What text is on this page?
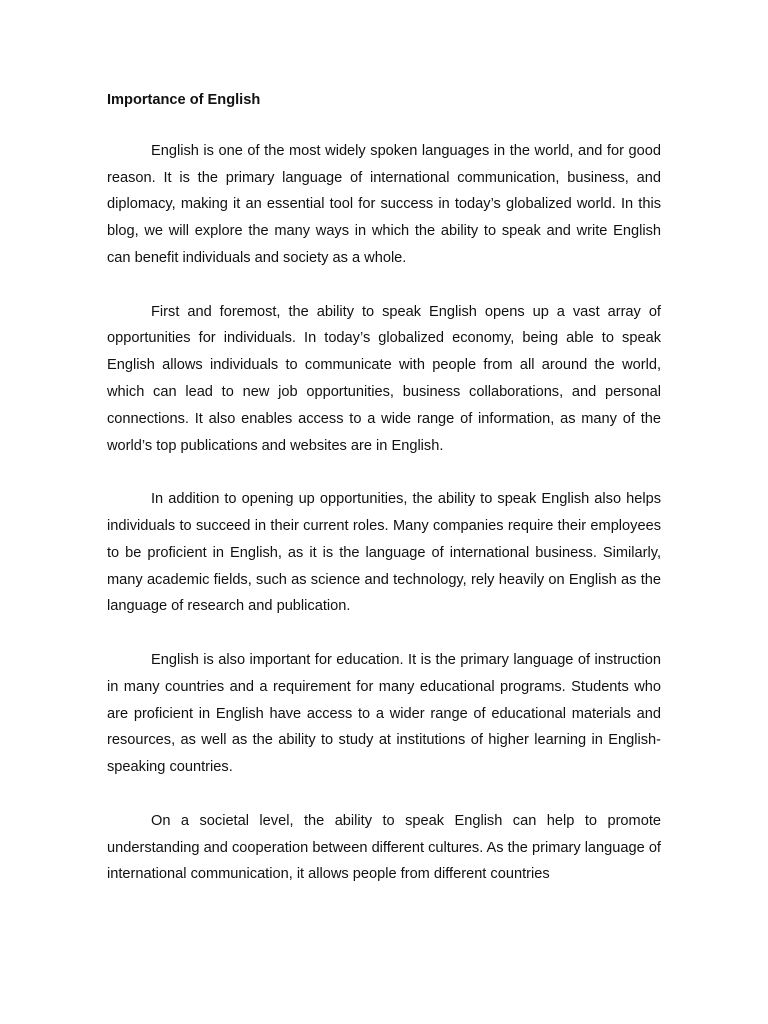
Importance of English

English is one of the most widely spoken languages in the world, and for good reason. It is the primary language of international communication, business, and diplomacy, making it an essential tool for success in today’s globalized world. In this blog, we will explore the many ways in which the ability to speak and write English can benefit individuals and society as a whole.

First and foremost, the ability to speak English opens up a vast array of opportunities for individuals. In today’s globalized economy, being able to speak English allows individuals to communicate with people from all around the world, which can lead to new job opportunities, business collaborations, and personal connections. It also enables access to a wide range of information, as many of the world’s top publications and websites are in English.

In addition to opening up opportunities, the ability to speak English also helps individuals to succeed in their current roles. Many companies require their employees to be proficient in English, as it is the language of international business. Similarly, many academic fields, such as science and technology, rely heavily on English as the language of research and publication.

English is also important for education. It is the primary language of instruction in many countries and a requirement for many educational programs. Students who are proficient in English have access to a wider range of educational materials and resources, as well as the ability to study at institutions of higher learning in English-speaking countries.

On a societal level, the ability to speak English can help to promote understanding and cooperation between different cultures. As the primary language of international communication, it allows people from different countries
